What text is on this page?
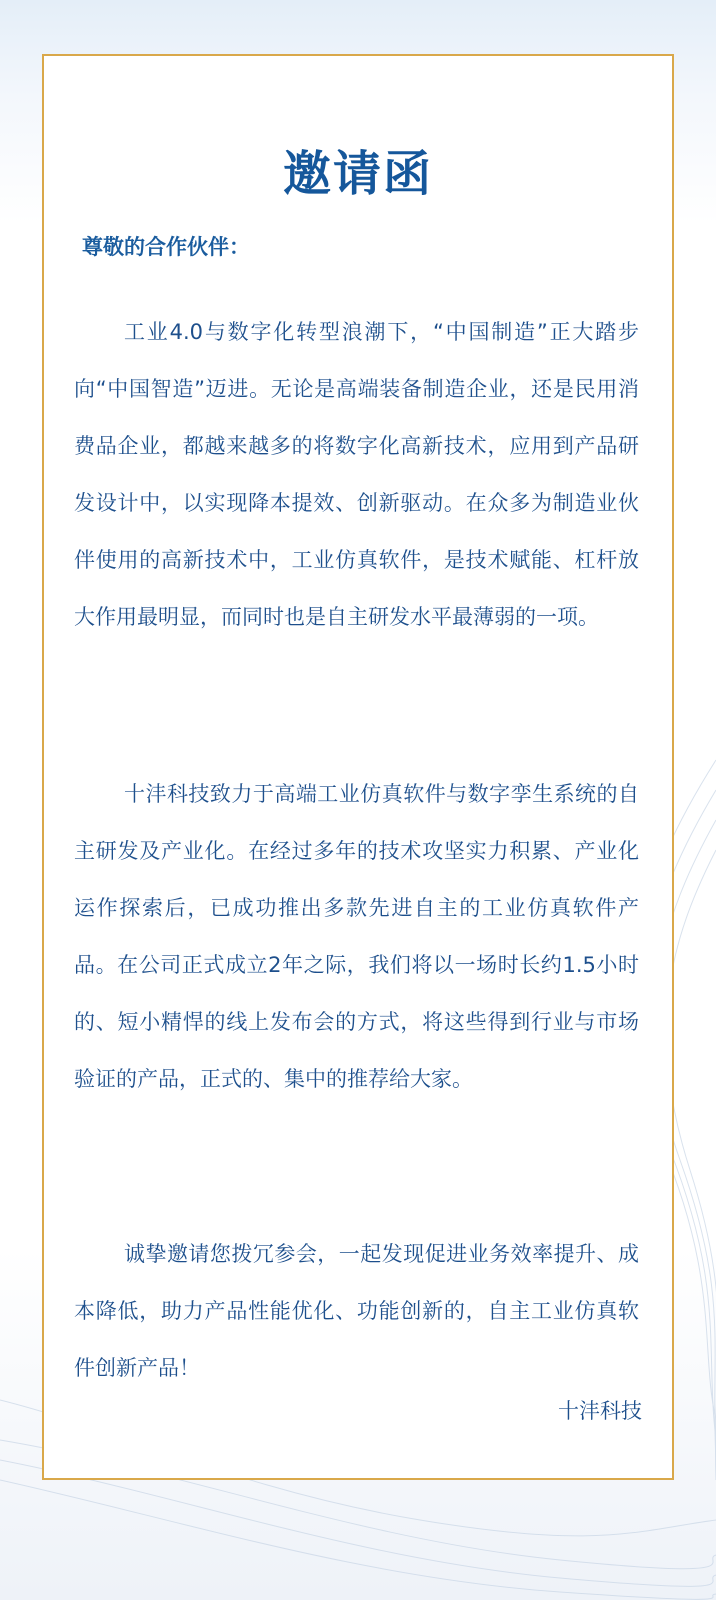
邀请函
尊敬的合作伙伴：

工业4.0与数字化转型浪潮下，“中国制造”正大踏步向“中国智造”迈进。无论是高端装备制造企业，还是民用消费品企业，都越来越多的将数字化高新技术，应用到产品研发设计中，以实现降本提效、创新驱动。在众多为制造业伙伴使用的高新技术中，工业仿真软件，是技术赋能、杠杆放大作用最明显，而同时也是自主研发水平最薄弱的一项。

十沣科技致力于高端工业仿真软件与数字孪生系统的自主研发及产业化。在经过多年的技术攻坚实力积累、产业化运作探索后，已成功推出多款先进自主的工业仿真软件产品。在公司正式成立2年之际，我们将以一场时长约1.5小时的、短小精悍的线上发布会的方式，将这些得到行业与市场验证的产品，正式的、集中的推荐给大家。

诚挚邀请您拨冗参会，一起发现促进业务效率提升、成本降低，助力产品性能优化、功能创新的，自主工业仿真软件创新产品！

十沣科技
